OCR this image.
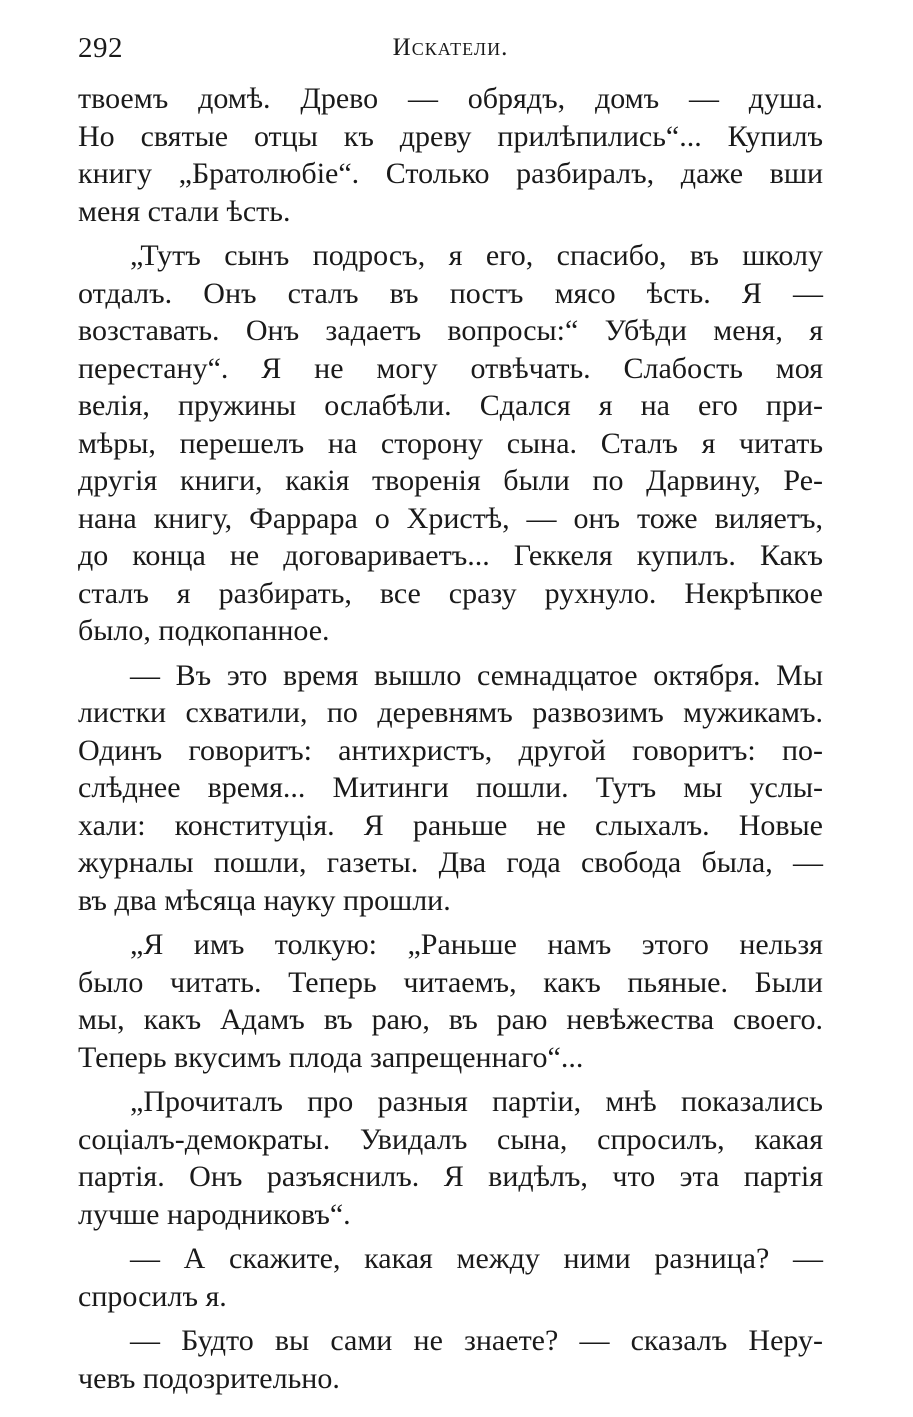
292	Искатели.
твоемъ домѣ. Древо — обрядъ, домъ — душа.
Но святые отцы къ древу прилѣпились“... Купилъ
книгу „Братолюбіе“. Столько разбиралъ, даже вши
меня стали ѣсть.
„Тутъ сынъ подросъ, я его, спасибо, въ школу
отдалъ. Онъ сталъ въ постъ мясо ѣсть. Я —
возставать. Онъ задаетъ вопросы:“ Убѣди меня, я
перестану“. Я не могу отвѣчать. Слабость моя
велія, пружины ослабѣли. Сдался я на его при-
мѣры, перешелъ на сторону сына. Сталъ я читать
другія книги, какія творенія были по Дарвину, Ре-
нана книгу, Фаррара о Христѣ, — онъ тоже виляетъ,
до конца не договариваетъ... Геккеля купилъ. Какъ
сталъ я разбирать, все сразу рухнуло. Некрѣпкое
было, подкопанное.
— Въ это время вышло семнадцатое октября. Мы
листки схватили, по деревнямъ развозимъ мужикамъ.
Одинъ говоритъ: антихристъ, другой говоритъ: по-
слѣднее время... Митинги пошли. Тутъ мы услы-
хали: конституція. Я раньше не слыхалъ. Новые
журналы пошли, газеты. Два года свобода была, —
въ два мѣсяца науку прошли.
„Я имъ толкую: „Раньше намъ этого нельзя
было читать. Теперь читаемъ, какъ пьяные. Были
мы, какъ Адамъ въ раю, въ раю невѣжества своего.
Теперь вкусимъ плода запрещеннаго“...
„Прочиталъ про разныя партіи, мнѣ показались
соціалъ-демократы. Увидалъ сына, спросилъ, какая
партія. Онъ разъяснилъ. Я видѣлъ, что эта партія
лучше народниковъ“.
— А скажите, какая между ними разница? —
спросилъ я.
— Будто вы сами не знаете? — сказалъ Неру-
чевъ подозрительно.
